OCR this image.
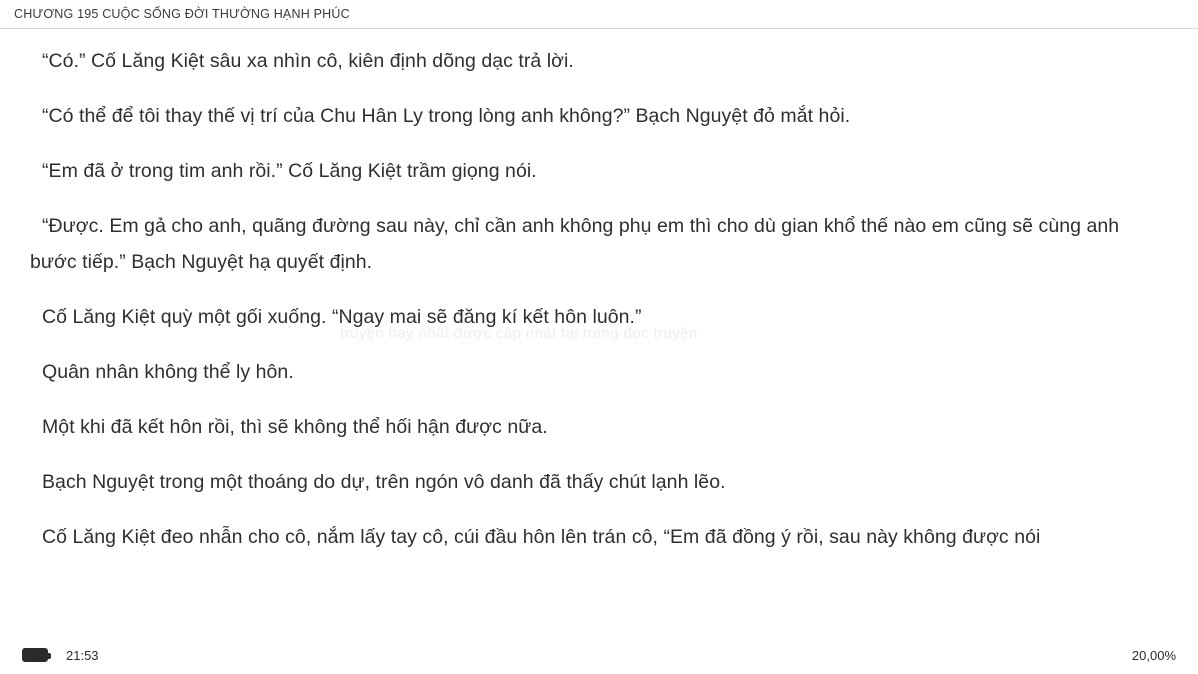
CHƯƠNG 195 CUỘC SỐNG ĐỜI THƯỜNG HẠNH PHÚC

“Có.” Cố Lăng Kiệt sâu xa nhìn cô, kiên định dõng dạc trả lời.

“Có thể để tôi thay thế vị trí của Chu Hân Ly trong lòng anh không?” Bạch Nguyệt đỏ mắt hỏi.

“Em đã ở trong tim anh rồi.” Cố Lăng Kiệt trầm giọng nói.

“Được. Em gả cho anh, quãng đường sau này, chỉ cần anh không phụ em thì cho dù gian khổ thế nào em cũng sẽ cùng anh bước tiếp.” Bạch Nguyệt hạ quyết định.

Cố Lăng Kiệt quỳ một gối xuống. “Ngay mai sẽ đăng kí kết hôn luôn.”

Quân nhân không thể ly hôn.

Một khi đã kết hôn rồi, thì sẽ không thể hối hận được nữa.

Bạch Nguyệt trong một thoáng do dự, trên ngón vô danh đã thấy chút lạnh lẽo.

Cố Lăng Kiệt đeo nhẫn cho cô, nắm lấy tay cô, cúi đầu hôn lên trán cô, “Em đã đồng ý rồi, sau này không được nói

truyện hay nhất được cập nhật tại trang đọc truyện
21:53	20,00%
